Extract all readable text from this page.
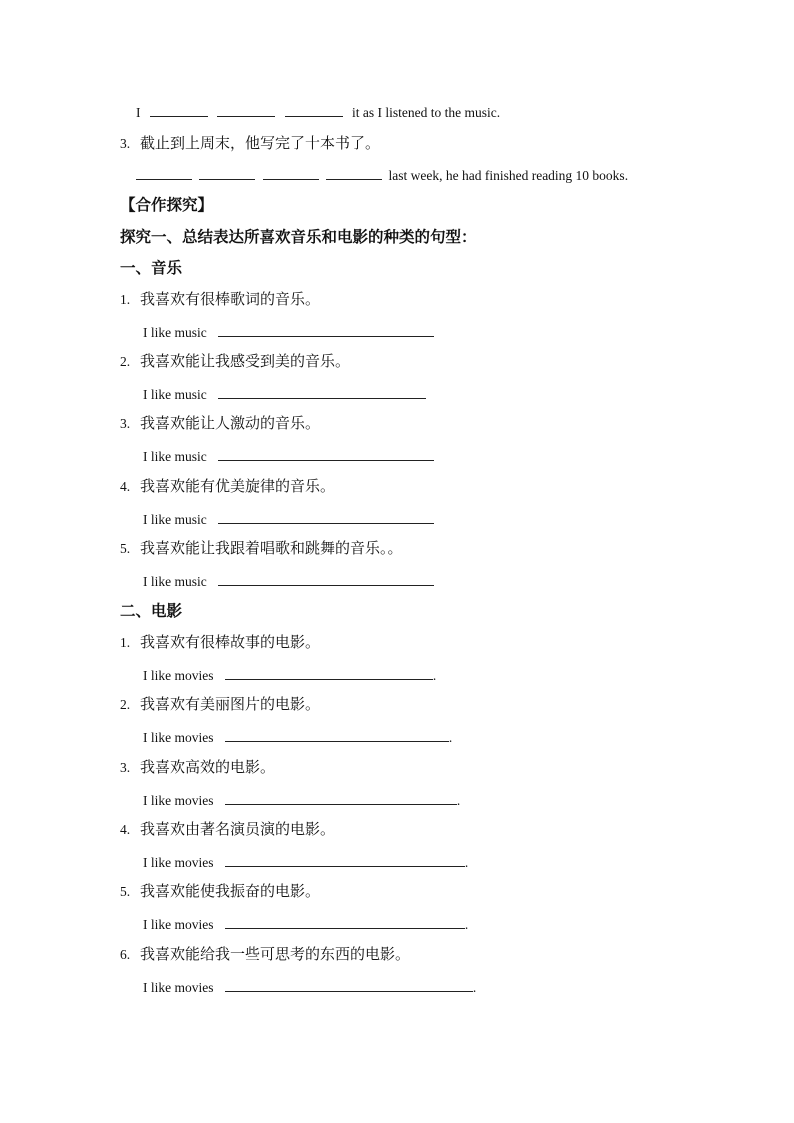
I	it as I listened to the music.
3. 截止到上周末，他写完了十本书了。
last week, he had finished reading 10 books.
【合作探究】
探究一、总结表达所喜欢音乐和电影的种类的句型：
一、音乐
1. 我喜欢有很棒歌词的音乐。
I like music
2. 我喜欢能让我感受到美的音乐。
I like music
3. 我喜欢能让人激动的音乐。
I like music
4. 我喜欢能有优美旋律的音乐。
I like music
5. 我喜欢能让我跟着唱歌和跳舞的音乐。。
I like music
二、电影
1. 我喜欢有很棒故事的电影。
I like movies	.
2. 我喜欢有美丽图片的电影。
I like movies	.
3. 我喜欢高效的电影。
I like movies	.
4. 我喜欢由著名演员演的电影。
I like movies	.
5. 我喜欢能使我振奋的电影。
I like movies	.
6. 我喜欢能给我一些可思考的东西的电影。
I like movies	.
